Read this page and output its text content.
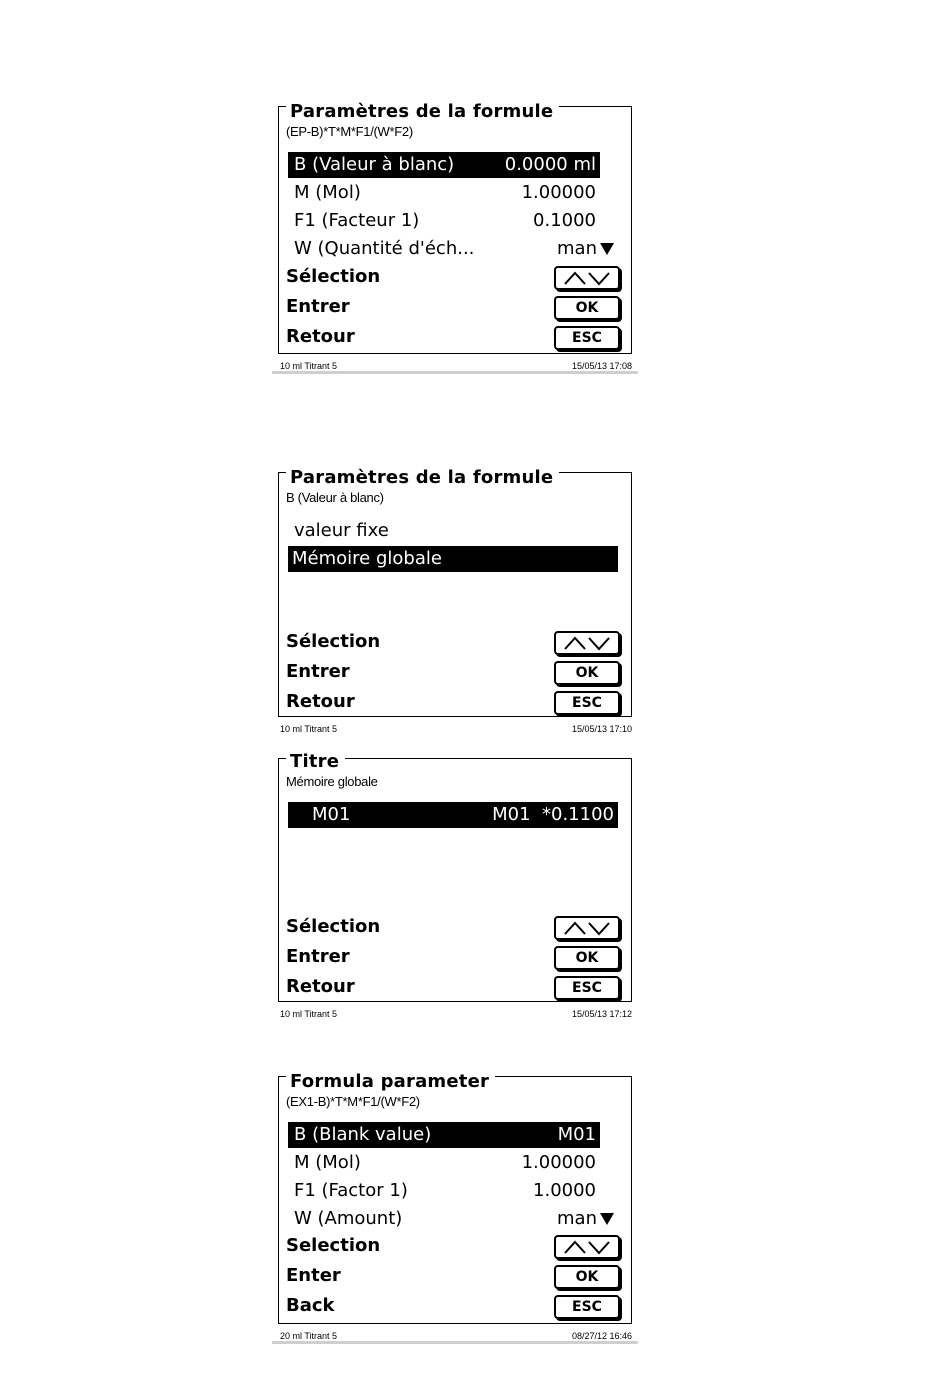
Paramètres de la formule
(EP-B)*T*M*F1/(W*F2)
B (Valeur à blanc)	0.0000 ml
M (Mol)	1.00000
F1 (Facteur 1)	0.1000
W (Quantité d'éch...	man
Sélection
Entrer	OK
Retour	ESC
10 ml Titrant 5	15/05/13 17:08
Paramètres de la formule
B (Valeur à blanc)
valeur fixe
Mémoire globale
Sélection
Entrer	OK
Retour	ESC
10 ml Titrant 5	15/05/13 17:10
Titre
Mémoire globale
M01	M01  *0.1100
Sélection
Entrer	OK
Retour	ESC
10 ml Titrant 5	15/05/13 17:12
Formula parameter
(EX1-B)*T*M*F1/(W*F2)
B (Blank value)	M01
M (Mol)	1.00000
F1 (Factor 1)	1.0000
W (Amount)	man
Selection
Enter	OK
Back	ESC
20 ml Titrant 5	08/27/12 16:46
